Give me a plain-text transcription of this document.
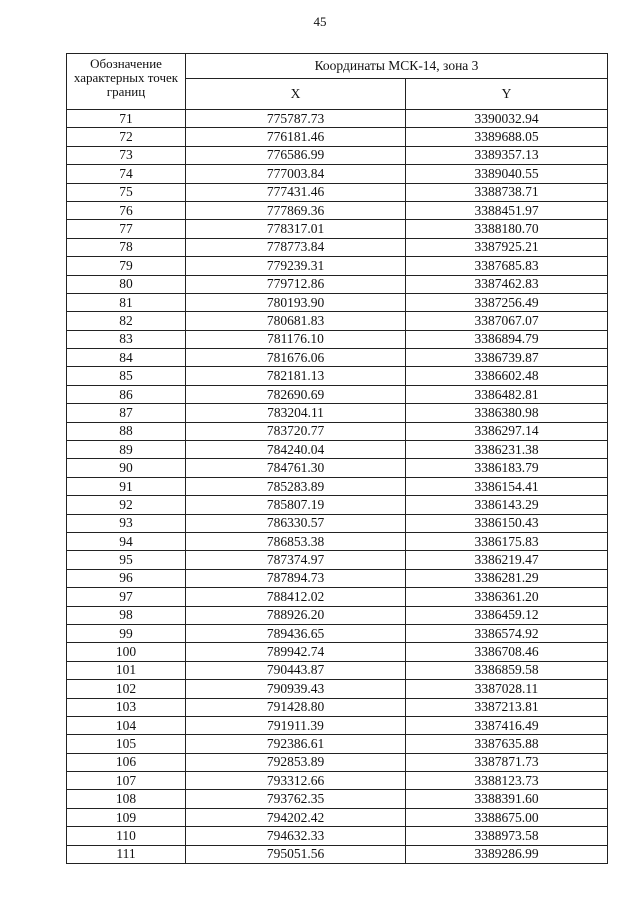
45
Обозначение характерных точек границ	Координаты МСК-14, зона 3	
	X	Y
71	775787.73	3390032.94
72	776181.46	3389688.05
73	776586.99	3389357.13
74	777003.84	3389040.55
75	777431.46	3388738.71
76	777869.36	3388451.97
77	778317.01	3388180.70
78	778773.84	3387925.21
79	779239.31	3387685.83
80	779712.86	3387462.83
81	780193.90	3387256.49
82	780681.83	3387067.07
83	781176.10	3386894.79
84	781676.06	3386739.87
85	782181.13	3386602.48
86	782690.69	3386482.81
87	783204.11	3386380.98
88	783720.77	3386297.14
89	784240.04	3386231.38
90	784761.30	3386183.79
91	785283.89	3386154.41
92	785807.19	3386143.29
93	786330.57	3386150.43
94	786853.38	3386175.83
95	787374.97	3386219.47
96	787894.73	3386281.29
97	788412.02	3386361.20
98	788926.20	3386459.12
99	789436.65	3386574.92
100	789942.74	3386708.46
101	790443.87	3386859.58
102	790939.43	3387028.11
103	791428.80	3387213.81
104	791911.39	3387416.49
105	792386.61	3387635.88
106	792853.89	3387871.73
107	793312.66	3388123.73
108	793762.35	3388391.60
109	794202.42	3388675.00
110	794632.33	3388973.58
111	795051.56	3389286.99
